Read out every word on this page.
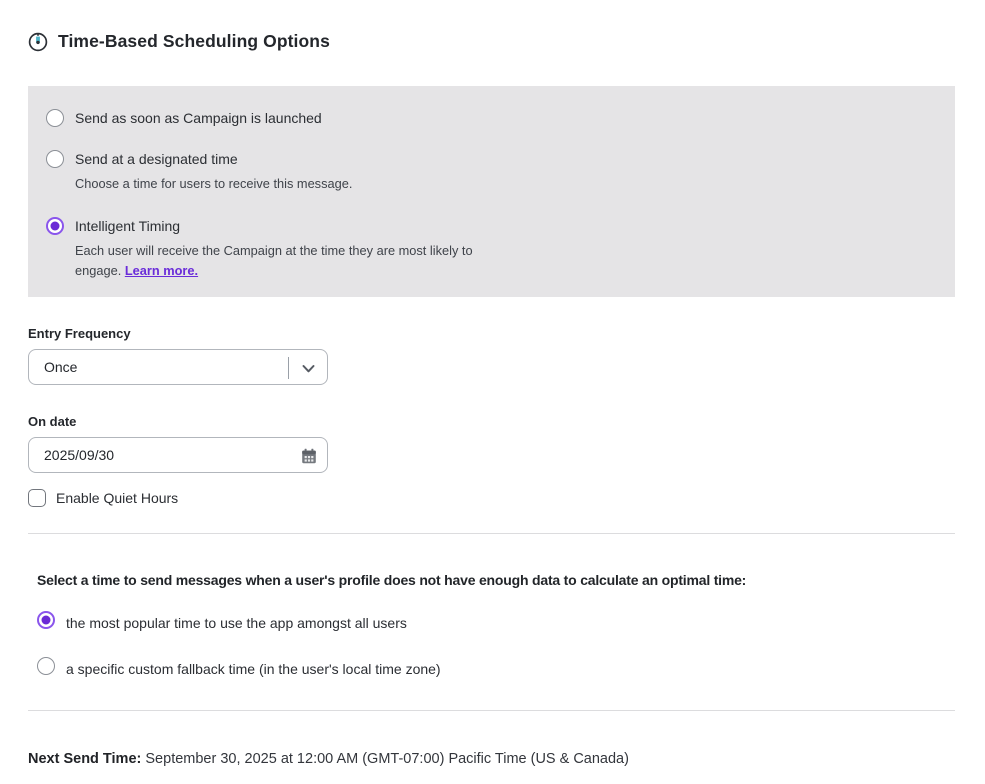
Time-Based Scheduling Options
Send as soon as Campaign is launched
Send at a designated time
Choose a time for users to receive this message.
Intelligent Timing
Each user will receive the Campaign at the time they are most likely to engage. Learn more.
Entry Frequency
Once
On date
2025/09/30
Enable Quiet Hours
Select a time to send messages when a user's profile does not have enough data to calculate an optimal time:
the most popular time to use the app amongst all users
a specific custom fallback time (in the user's local time zone)
Next Send Time: September 30, 2025 at 12:00 AM (GMT-07:00) Pacific Time (US & Canada)
